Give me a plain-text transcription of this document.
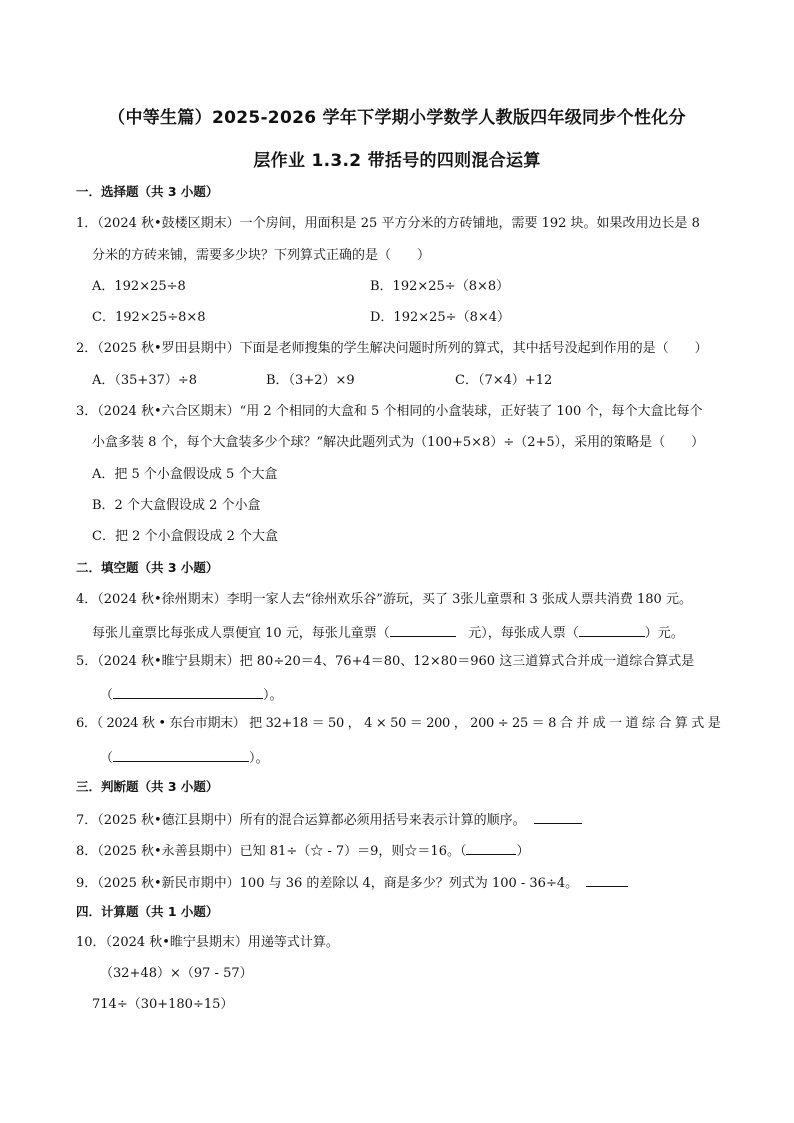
（中等生篇）2025-2026 学年下学期小学数学人教版四年级同步个性化分
层作业 1.3.2 带括号的四则混合运算
一．选择题（共 3 小题）
1．（2024 秋•鼓楼区期末）一个房间，用面积是 25 平方分米的方砖铺地，需要 192 块。如果改用边长是 8
分米的方砖来铺，需要多少块？下列算式正确的是（　　）
A．192×25÷8	B．192×25÷（8×8）
C．192×25÷8×8	D．192×25÷（8×4）
2．（2025 秋•罗田县期中）下面是老师搜集的学生解决问题时所列的算式，其中括号没起到作用的是（　　）
A．（35+37）÷8	B．（3+2）×9	C．（7×4）+12
3．（2024 秋•六合区期末）“用 2 个相同的大盒和 5 个相同的小盒装球，正好装了 100 个，每个大盒比每个
小盒多装 8 个，每个大盒装多少个球？”解决此题列式为（100+5×8）÷（2+5），采用的策略是（　　）
A．把 5 个小盒假设成 5 个大盒
B．2 个大盒假设成 2 个小盒
C．把 2 个小盒假设成 2 个大盒
二．填空题（共 3 小题）
4．（2024 秋•徐州期末）李明一家人去“徐州欢乐谷”游玩，买了 3张儿童票和 3 张成人票共消费 180 元。
每张儿童票比每张成人票便宜 10 元，每张儿童票（	元），每张成人票（	）元。
5．（2024 秋•睢宁县期末）把 80÷20＝4、76+4＝80、12×80＝960 这三道算式合并成一道综合算式是
（	）。
6．（ 2024 秋 • 东台市期末） 把 32+18 ＝ 50 ， 4 × 50 ＝ 200 ， 200 ÷ 25 ＝ 8 合 并 成 一 道 综 合 算 式 是
（	）。
三．判断题（共 3 小题）
7．（2025 秋•德江县期中）所有的混合运算都必须用括号来表示计算的顺序。
8．（2025 秋•永善县期中）已知 81÷（☆ - 7）＝9，则☆＝16。（	）
9．（2025 秋•新民市期中）100 与 36 的差除以 4，商是多少？列式为 100 - 36÷4。
四．计算题（共 1 小题）
10．（2024 秋•睢宁县期末）用递等式计算。
（32+48）×（97 - 57）
714÷（30+180÷15）
